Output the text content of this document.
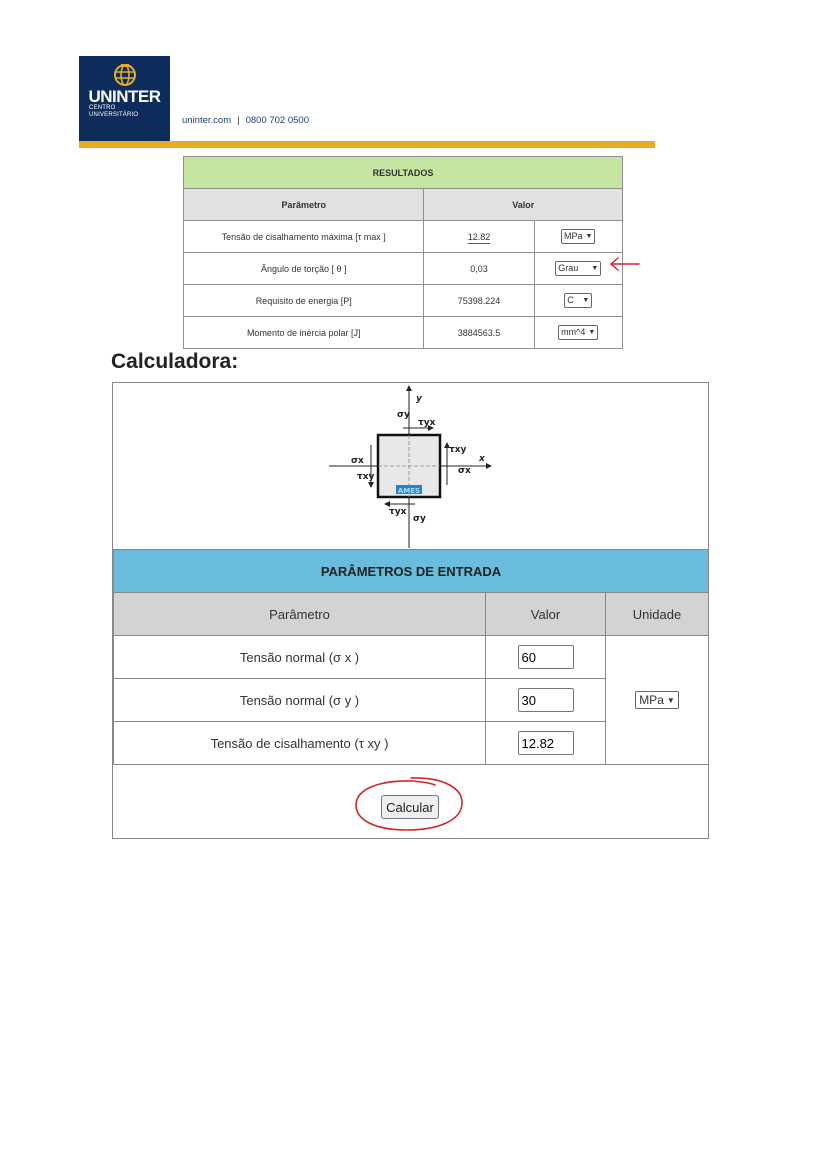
UNINTER
CENTRO
UNIVERSITÁRIO	uninter.com | 0800 702 0500
RESULTADOS		
Parâmetro	Valor	
Tensão de cisalhamento máxima [τ max ]	12.82	MPa ▼

Ângulo de torção [ θ ]	0,03	Grau ▼

Requisito de energia [P]	75398.224	C ▼

Momento de inércia polar [J]	3884563.5	mm^4 ▼
Calculadora:
AMES
y
x
σy
τyx
τxy
σx
σx
τxy
τyx
σy
PARÂMETROS DE ENTRADA		
Parâmetro	Valor	Unidade
Tensão normal (σ x )	60	MPa ▼

Tensão normal (σ y )	30
Tensão de cisalhamento (τ xy )	12.82
Calcular
